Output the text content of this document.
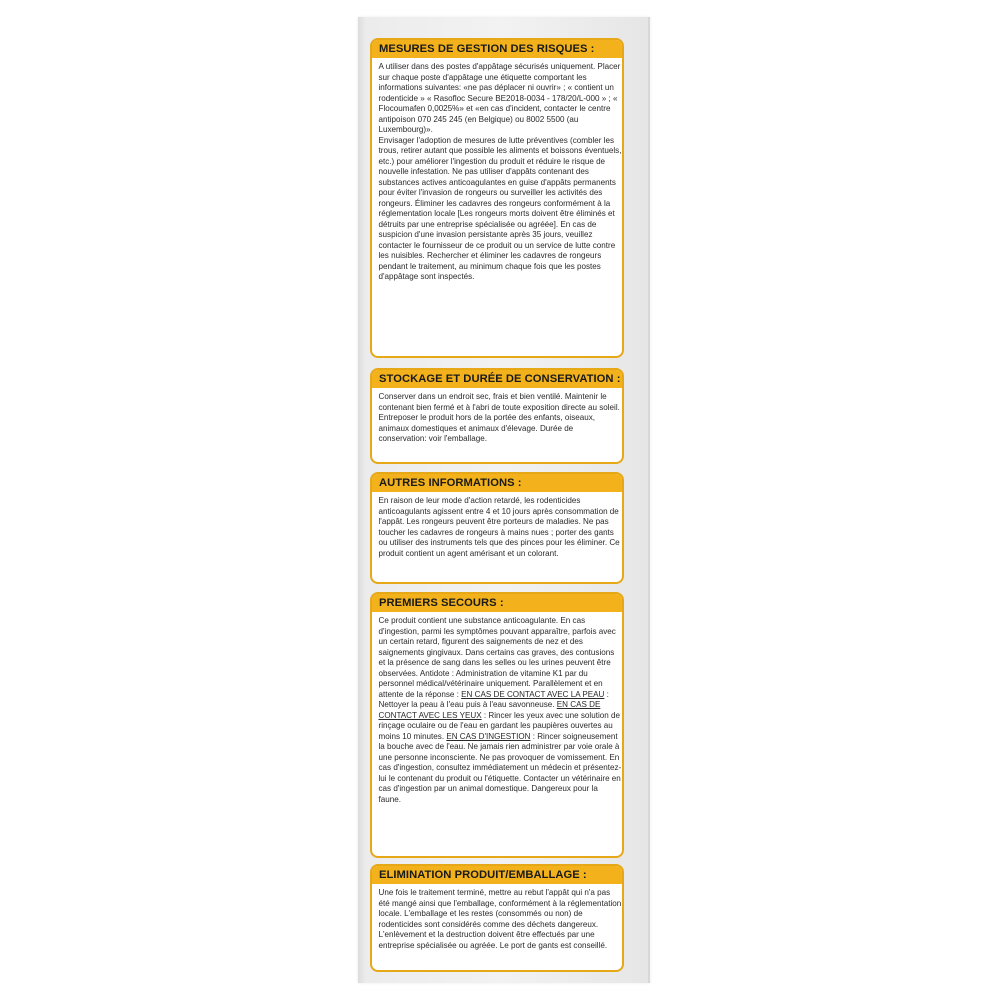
MESURES DE GESTION DES RISQUES :

A utiliser dans des postes d'appâtage sécurisés uniquement. Placer sur chaque poste d'appâtage une étiquette comportant les informations suivantes: «ne pas déplacer ni ouvrir» ; « contient un rodenticide » « Rasofloc Secure BE2018-0034 - 178/20/L-000 » ; « Flocoumafen 0,0025%» et «en cas d'incident, contacter le centre antipoison 070 245 245 (en Belgique) ou 8002 5500 (au Luxembourg)».

Envisager l'adoption de mesures de lutte préventives (combler les trous, retirer autant que possible les aliments et boissons éventuels, etc.) pour améliorer l'ingestion du produit et réduire le risque de nouvelle infestation. Ne pas utiliser d'appâts contenant des substances actives anticoagulantes en guise d'appâts permanents pour éviter l'invasion de rongeurs ou surveiller les activités des rongeurs. Éliminer les cadavres des rongeurs conformément à la réglementation locale [Les rongeurs morts doivent être éliminés et détruits par une entreprise spécialisée ou agréée]. En cas de suspicion d'une invasion persistante après 35 jours, veuillez contacter le fournisseur de ce produit ou un service de lutte contre les nuisibles. Rechercher et éliminer les cadavres de rongeurs pendant le traitement, au minimum chaque fois que les postes d'appâtage sont inspectés.

STOCKAGE ET DURÉE DE CONSERVATION :

Conserver dans un endroit sec, frais et bien ventilé. Maintenir le contenant bien fermé et à l'abri de toute exposition directe au soleil. Entreposer le produit hors de la portée des enfants, oiseaux, animaux domestiques et animaux d'élevage. Durée de conservation: voir l'emballage.

AUTRES INFORMATIONS :

En raison de leur mode d'action retardé, les rodenticides anticoagulants agissent entre 4 et 10 jours après consommation de l'appât. Les rongeurs peuvent être porteurs de maladies. Ne pas toucher les cadavres de rongeurs à mains nues ; porter des gants ou utiliser des instruments tels que des pinces pour les éliminer. Ce produit contient un agent amérisant et un colorant.

PREMIERS SECOURS :

Ce produit contient une substance anticoagulante. En cas d'ingestion, parmi les symptômes pouvant apparaître, parfois avec un certain retard, figurent des saignements de nez et des saignements gingivaux. Dans certains cas graves, des contusions et la présence de sang dans les selles ou les urines peuvent être observées. Antidote : Administration de vitamine K1 par du personnel médical/vétérinaire uniquement. Parallèlement et en attente de la réponse : EN CAS DE CONTACT AVEC LA PEAU : Nettoyer la peau à l'eau puis à l'eau savonneuse. EN CAS DE CONTACT AVEC LES YEUX : Rincer les yeux avec une solution de rinçage oculaire ou de l'eau en gardant les paupières ouvertes au moins 10 minutes. EN CAS D'INGESTION : Rincer soigneusement la bouche avec de l'eau. Ne jamais rien administrer par voie orale à une personne inconsciente. Ne pas provoquer de vomissement. En cas d'ingestion, consultez immédiatement un médecin et présentez-lui le contenant du produit ou l'étiquette. Contacter un vétérinaire en cas d'ingestion par un animal domestique. Dangereux pour la faune.

ELIMINATION PRODUIT/EMBALLAGE :

Une fois le traitement terminé, mettre au rebut l'appât qui n'a pas été mangé ainsi que l'emballage, conformément à la réglementation locale. L'emballage et les restes (consommés ou non) de rodenticides sont considérés comme des déchets dangereux. L'enlèvement et la destruction doivent être effectués par une entreprise spécialisée ou agréée. Le port de gants est conseillé.
